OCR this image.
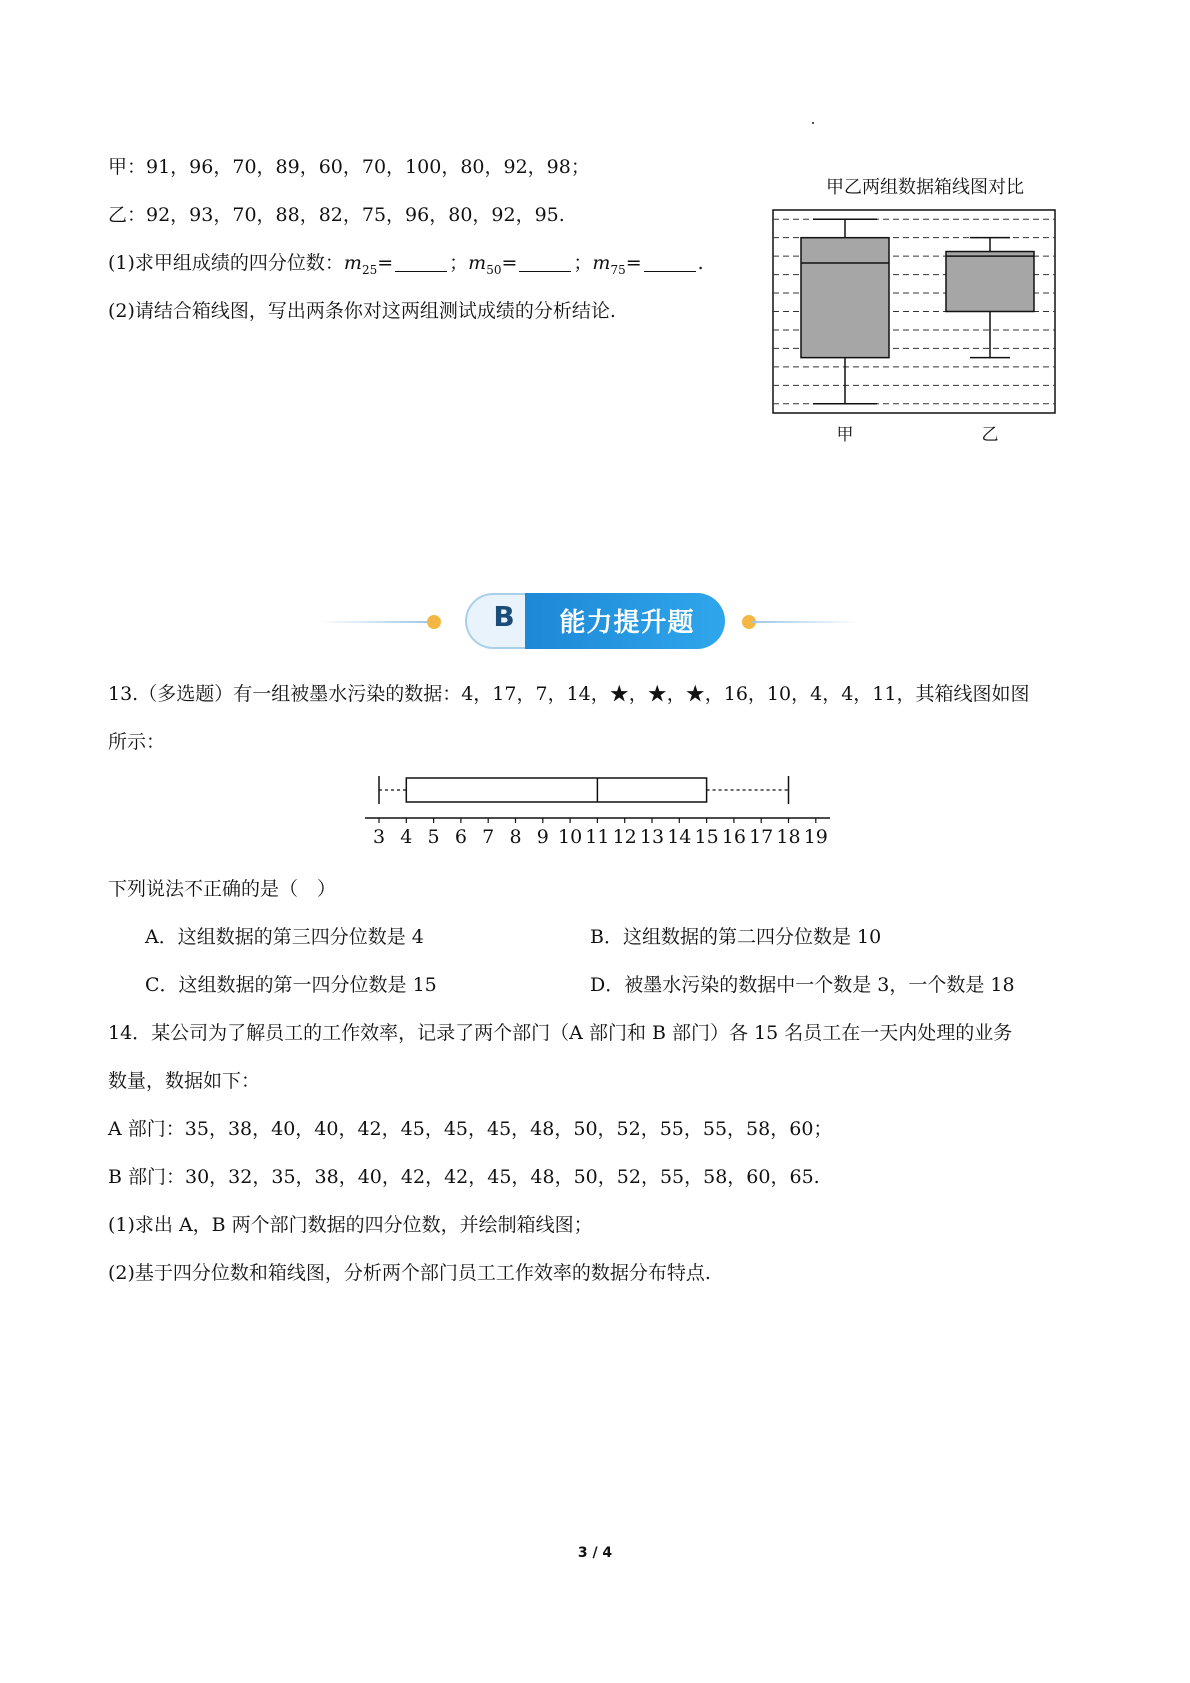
甲：91，96，70，89，60，70，100，80，92，98；
乙：92，93，70，88，82，75，96，80，92，95.
(1)求甲组成绩的四分位数：$m_{25}=$	；$m_{50}=$	；$m_{75}=$	.
(2)请结合箱线图，写出两条你对这两组测试成绩的分析结论.
甲乙两组数据箱线图对比
甲	乙
B	能力提升题
13.（多选题）有一组被墨水污染的数据：4，17，7，14，★，★，★，16，10，4，4，11，其箱线图如图
所示：
3 4 5 6 7 8 9 10 11 12 13 14 15 16 17 18 19
下列说法不正确的是（　）
A．这组数据的第三四分位数是 4	B．这组数据的第二四分位数是 10
C．这组数据的第一四分位数是 15	D．被墨水污染的数据中一个数是 3，一个数是 18
14．某公司为了解员工的工作效率，记录了两个部门（A 部门和 B 部门）各 15 名员工在一天内处理的业务
数量，数据如下：
A 部门：35，38，40，40，42，45，45，45，48，50，52，55，55，58，60；
B 部门：30，32，35，38，40，42，42，45，48，50，52，55，58，60，65.
(1)求出 A，B 两个部门数据的四分位数，并绘制箱线图；
(2)基于四分位数和箱线图，分析两个部门员工工作效率的数据分布特点.
3 / 4
